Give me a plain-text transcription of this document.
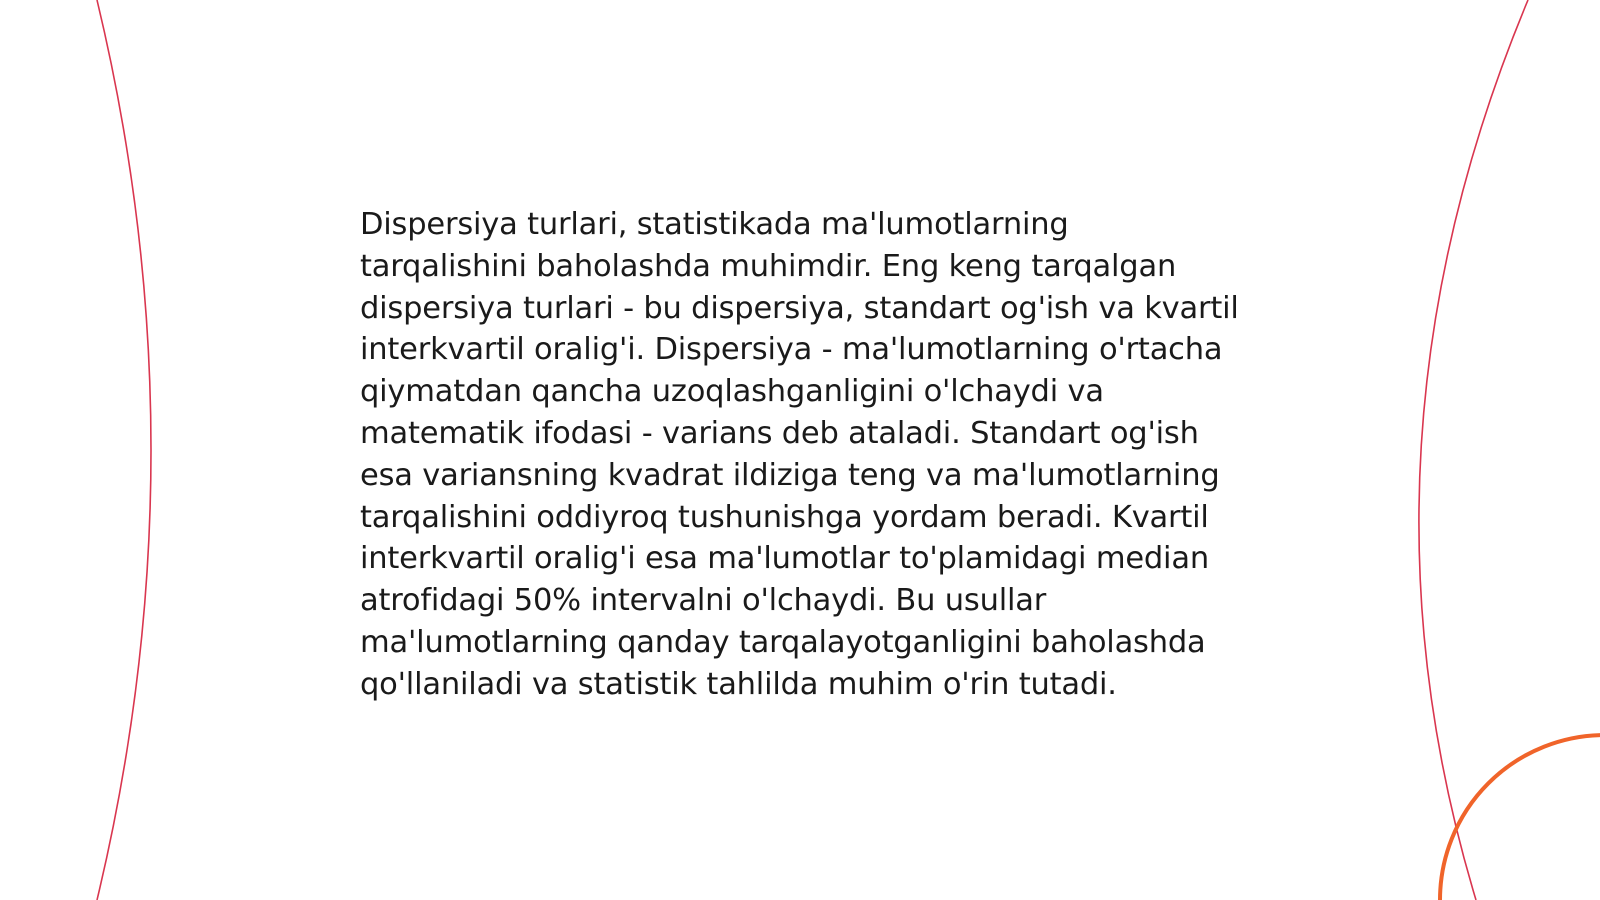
Dispersiya turlari, statistikada ma'lumotlarning tarqalishini baholashda muhimdir. Eng keng tarqalgan dispersiya turlari - bu dispersiya, standart og'ish va kvartil interkvartil oralig'i. Dispersiya - ma'lumotlarning o'rtacha qiymatdan qancha uzoqlashganligini o'lchaydi va matematik ifodasi - varians deb ataladi. Standart og'ish esa variansning kvadrat ildiziga teng va ma'lumotlarning tarqalishini oddiyroq tushunishga yordam beradi. Kvartil interkvartil oralig'i esa ma'lumotlar to'plamidagi median atrofidagi 50% intervalni o'lchaydi. Bu usullar ma'lumotlarning qanday tarqalayotganligini baholashda qo'llaniladi va statistik tahlilda muhim o'rin tutadi.
